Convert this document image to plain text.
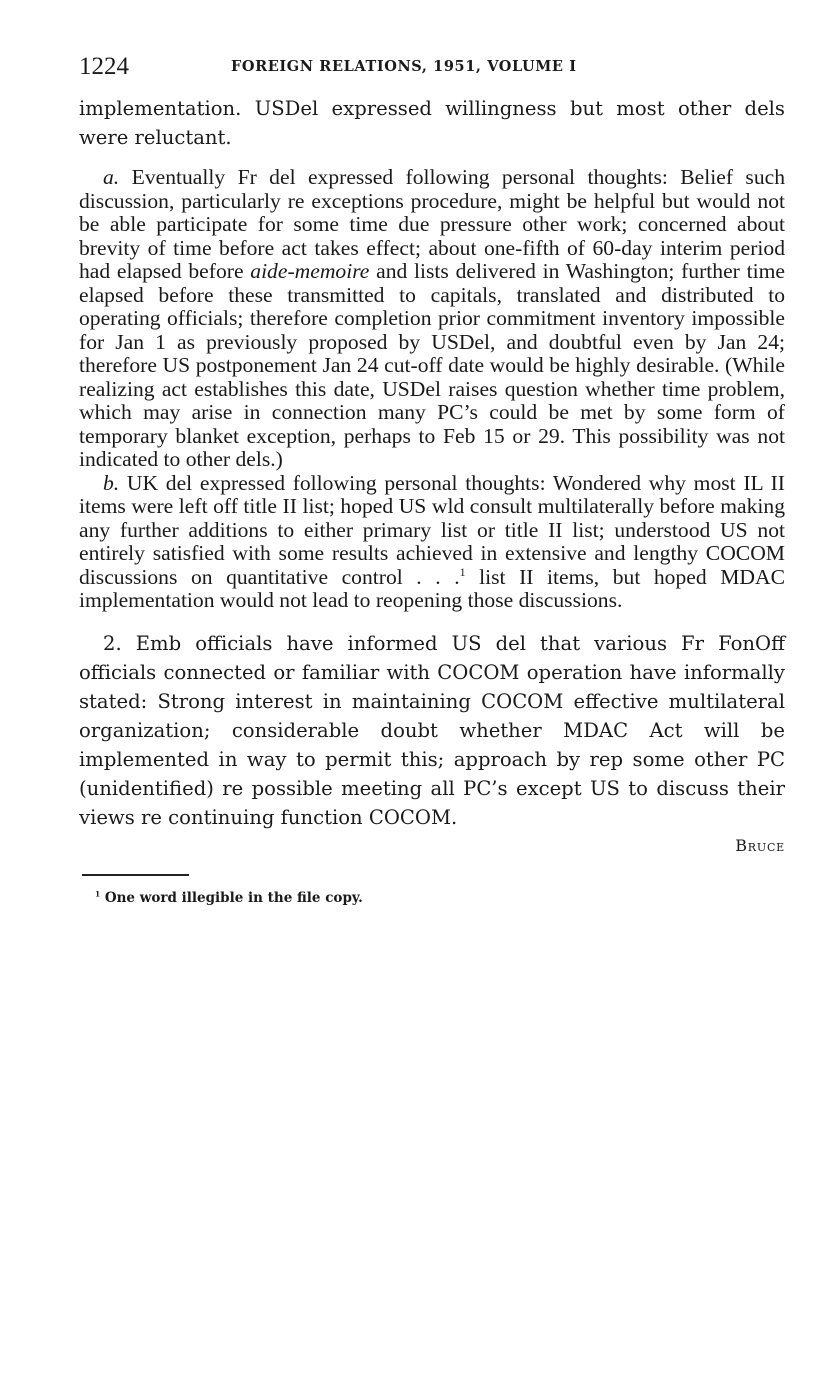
1224	FOREIGN RELATIONS, 1951, VOLUME I

implementation. USDel expressed willingness but most other dels were reluctant.

a. Eventually Fr del expressed following personal thoughts: Belief such discussion, particularly re exceptions procedure, might be helpful but would not be able participate for some time due pressure other work; concerned about brevity of time before act takes effect; about one-fifth of 60-day interim period had elapsed before aide-memoire and lists delivered in Washington; further time elapsed before these transmitted to capitals, translated and distributed to operating officials; therefore completion prior commitment inventory impossible for Jan 1 as previously proposed by USDel, and doubtful even by Jan 24; therefore US postponement Jan 24 cut-off date would be highly desirable. (While realizing act establishes this date, USDel raises question whether time problem, which may arise in connection many PC’s could be met by some form of temporary blanket exception, perhaps to Feb 15 or 29. This possibility was not indicated to other dels.)

b. UK del expressed following personal thoughts: Wondered why most IL II items were left off title II list; hoped US wld consult multilaterally before making any further additions to either primary list or title II list; understood US not entirely satisfied with some results achieved in extensive and lengthy COCOM discussions on quantitative control . . .$^1$ list II items, but hoped MDAC implementation would not lead to reopening those discussions.

2. Emb officials have informed US del that various Fr FonOff officials connected or familiar with COCOM operation have informally stated: Strong interest in maintaining COCOM effective multilateral organization; considerable doubt whether MDAC Act will be implemented in way to permit this; approach by rep some other PC (unidentified) re possible meeting all PC’s except US to discuss their views re continuing function COCOM.

Bruce
$^1$ One word illegible in the file copy.
